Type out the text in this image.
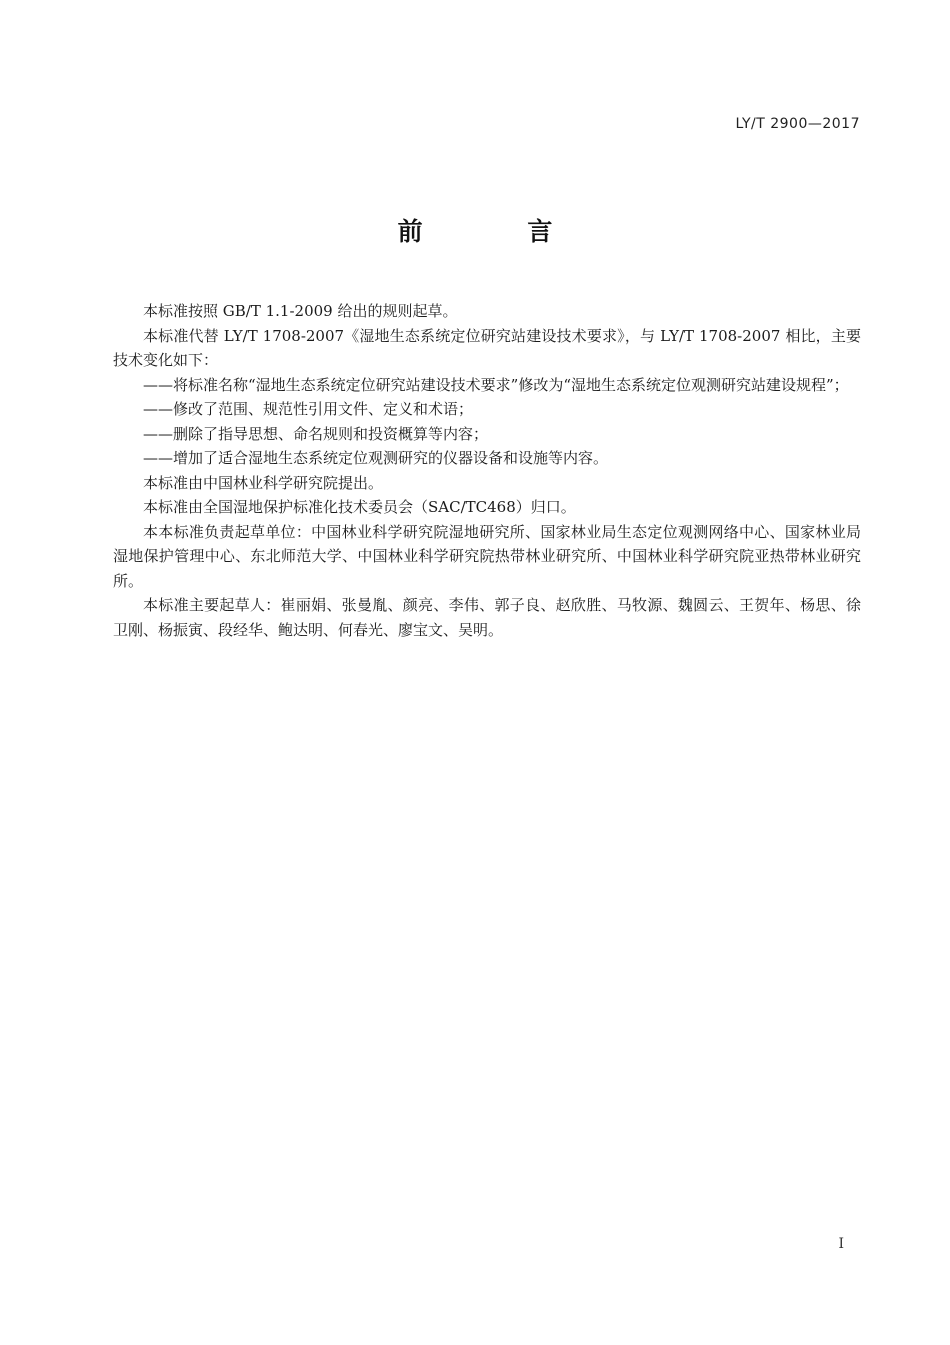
LY/T 2900—2017
前 言

本标准按照 GB/T 1.1-2009 给出的规则起草。

本标准代替 LY/T 1708-2007《湿地生态系统定位研究站建设技术要求》，与 LY/T 1708-2007 相比，主要技术变化如下：

——将标准名称“湿地生态系统定位研究站建设技术要求”修改为“湿地生态系统定位观测研究站建设规程”；

——修改了范围、规范性引用文件、定义和术语；

——删除了指导思想、命名规则和投资概算等内容；

——增加了适合湿地生态系统定位观测研究的仪器设备和设施等内容。

本标准由中国林业科学研究院提出。

本标准由全国湿地保护标准化技术委员会（SAC/TC468）归口。

本本标准负责起草单位：中国林业科学研究院湿地研究所、国家林业局生态定位观测网络中心、国家林业局湿地保护管理中心、东北师范大学、中国林业科学研究院热带林业研究所、中国林业科学研究院亚热带林业研究所。

本标准主要起草人：崔丽娟、张曼胤、颜亮、李伟、郭子良、赵欣胜、马牧源、魏圆云、王贺年、杨思、徐卫刚、杨振寅、段经华、鲍达明、何春光、廖宝文、吴明。

I
